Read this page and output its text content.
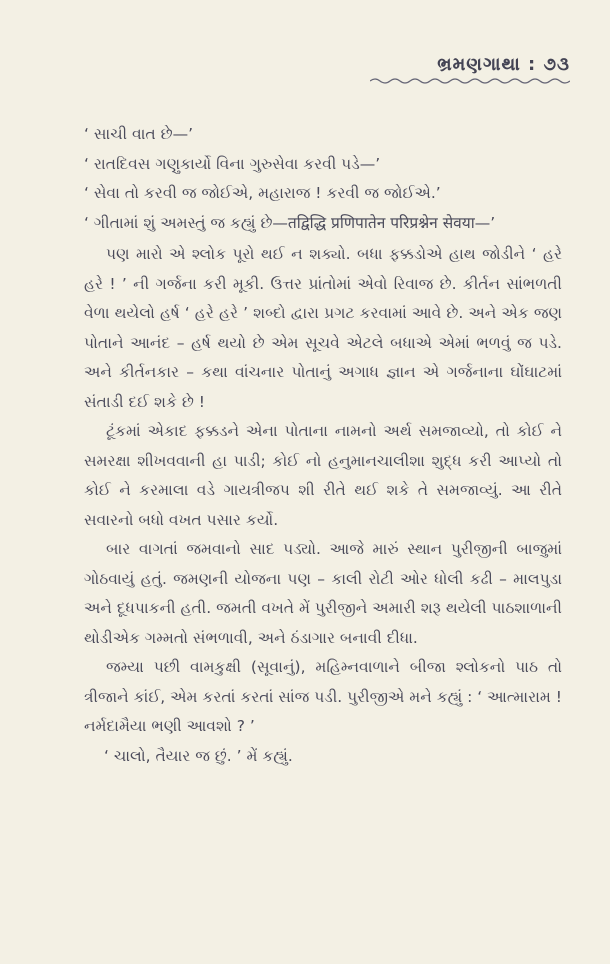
ભ્રમણગાથા : ૭૩

‘ સાચી વાત છે—’

‘ રાતદિવસ ગણુકાર્યો વિના ગુરુસેવા કરવી પડે—’

‘ સેવા તો કરવી જ જોઈએ, મહારાજ ! કરવી જ જોઈએ.’

‘ ગીતામાં શું અમસ્તું જ કહ્યું છે—तद्विद्धि प्रणिपातेन परिप्रश्नेन सेवया—’

પણ મારો એ શ્લોક પૂરો થઈ ન શક્યો. બધા ફક્કડોએ હાથ જોડીને ‘ હરે હરે ! ’ ની ગર્જના કરી મૂકી. ઉત્તર પ્રાંતોમાં એવો રિવાજ છે. કીર્તન સાંભળતી વેળા થયેલો હર્ષ ‘ હરે હરે ’ શબ્દો દ્વારા પ્રગટ કરવામાં આવે છે. અને એક જણ પોતાને આનંદ – હર્ષ થયો છે એમ સૂચવે એટલે બધાએ એમાં ભળવું જ પડે. અને કીર્તનકાર – કથા વાંચનાર પોતાનું અગાધ જ્ઞાન એ ગર્જનાના ઘોંઘાટમાં સંતાડી દઈ શકે છે !

ટૂંકમાં એકાદ ફક્કડને એના પોતાના નામનો અર્થ સમજાવ્યો, તો કોઈ ને સમરક્ષા શીખવવાની હા પાડી; કોઈ નો હનુમાનચાલીશા શુદ્ધ કરી આપ્યો તો કોઈ ને કરમાલા વડે ગાયત્રીજપ શી રીતે થઈ શકે તે સમજાવ્યું. આ રીતે સવારનો બધો વખત પસાર કર્યો.

બાર વાગતાં જમવાનો સાદ પડ્યો. આજે મારું સ્થાન પુરીજીની બાજુમાં ગોઠવાયું હતું. જમણની યોજના પણ – કાલી રોટી ઓર ધોલી કઢી – માલપુડા અને દૂધપાકની હતી. જમતી વખતે મેં પુરીજીને અમારી શરૂ થયેલી પાઠશાળાની થોડીએક ગમ્મતો સંભળાવી, અને ઠંડાગાર બનાવી દીધા.

જમ્યા પછી વામકુક્ષી (સૂવાનું), મહિમ્નવાળાને બીજા શ્લોકનો પાઠ તો ત્રીજાને કાંઈ, એમ કરતાં કરતાં સાંજ પડી. પુરીજીએ મને કહ્યું : ‘ આત્મારામ ! નર્મદામૈયા ભણી આવશો ? ’

‘ ચાલો, તૈયાર જ છું. ’ મેં કહ્યું.
